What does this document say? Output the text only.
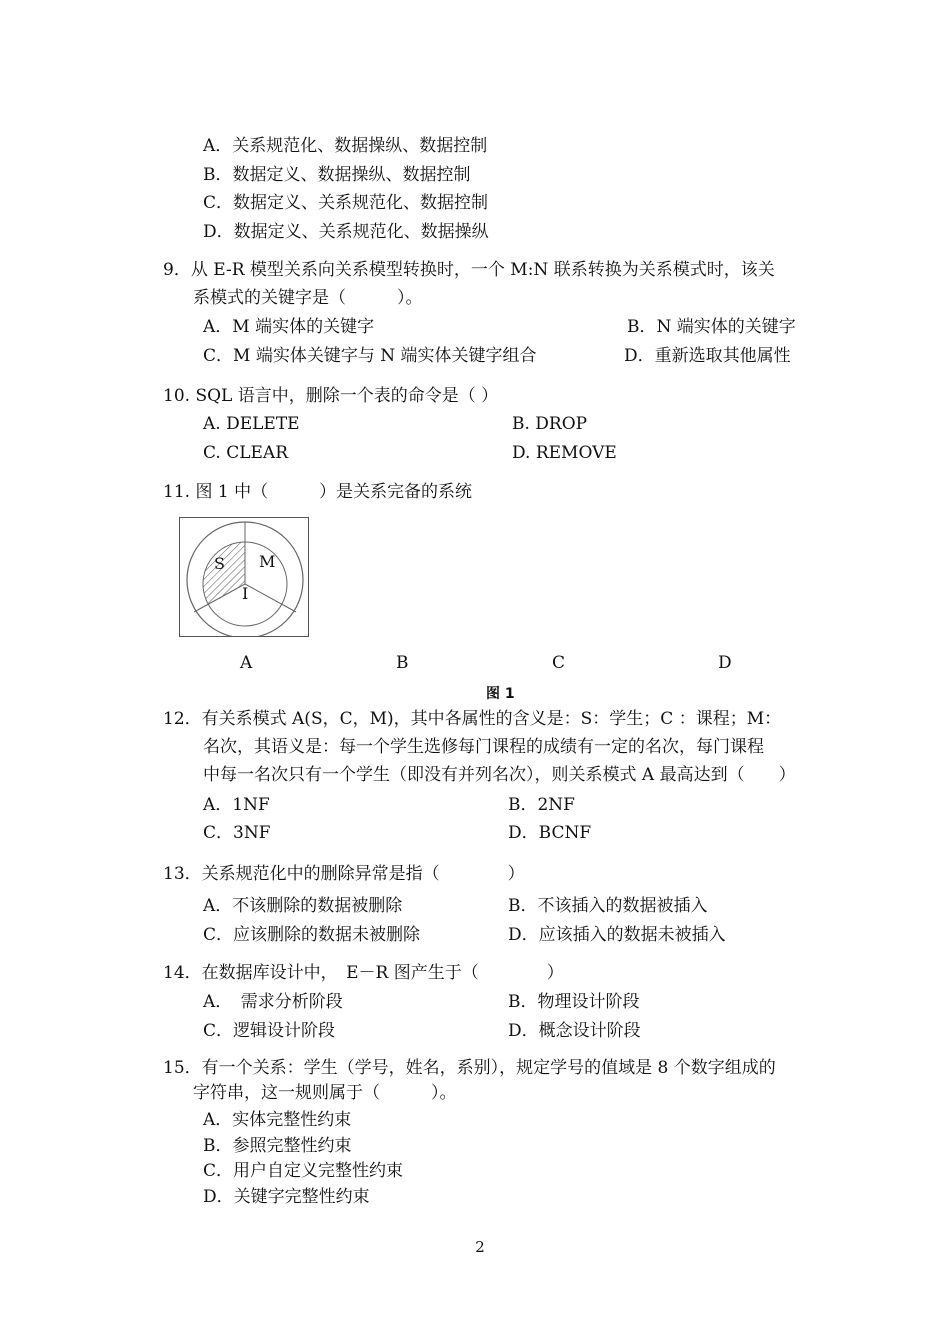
A．关系规范化、数据操纵、数据控制
B．数据定义、数据操纵、数据控制
C．数据定义、关系规范化、数据控制
D．数据定义、关系规范化、数据操纵
9．从 E-R 模型关系向关系模型转换时，一个 M:N 联系转换为关系模式时，该关
系模式的关键字是（　　　）。
A．M 端实体的关键字	B．N 端实体的关键字
C．M 端实体关键字与 N 端实体关键字组合	D．重新选取其他属性
10. SQL 语言中，删除一个表的命令是（ ）
A. DELETE	B. DROP
C. CLEAR	D. REMOVE
11. 图 1 中（　　　）是关系完备的系统
S M
I
A	B	C	D
图 1
12．有关系模式 A(S，C，M)，其中各属性的含义是：S：学生；C ：课程；M：
名次，其语义是：每一个学生选修每门课程的成绩有一定的名次，每门课程
中每一名次只有一个学生（即没有并列名次），则关系模式 A 最高达到（　　）
A．1NF	B．2NF
C．3NF	D．BCNF
13．关系规范化中的删除异常是指（　　　　）
A．不该删除的数据被删除	B．不该插入的数据被插入
C．应该删除的数据未被删除	D．应该插入的数据未被插入
14．在数据库设计中，　E－R 图产生于（　　　　）
A．　需求分析阶段	B．物理设计阶段
C．逻辑设计阶段	D．概念设计阶段
15．有一个关系：学生（学号，姓名，系别），规定学号的值域是 8 个数字组成的
字符串，这一规则属于（　　　）。
A．实体完整性约束
B．参照完整性约束
C．用户自定义完整性约束
D．关键字完整性约束
2
